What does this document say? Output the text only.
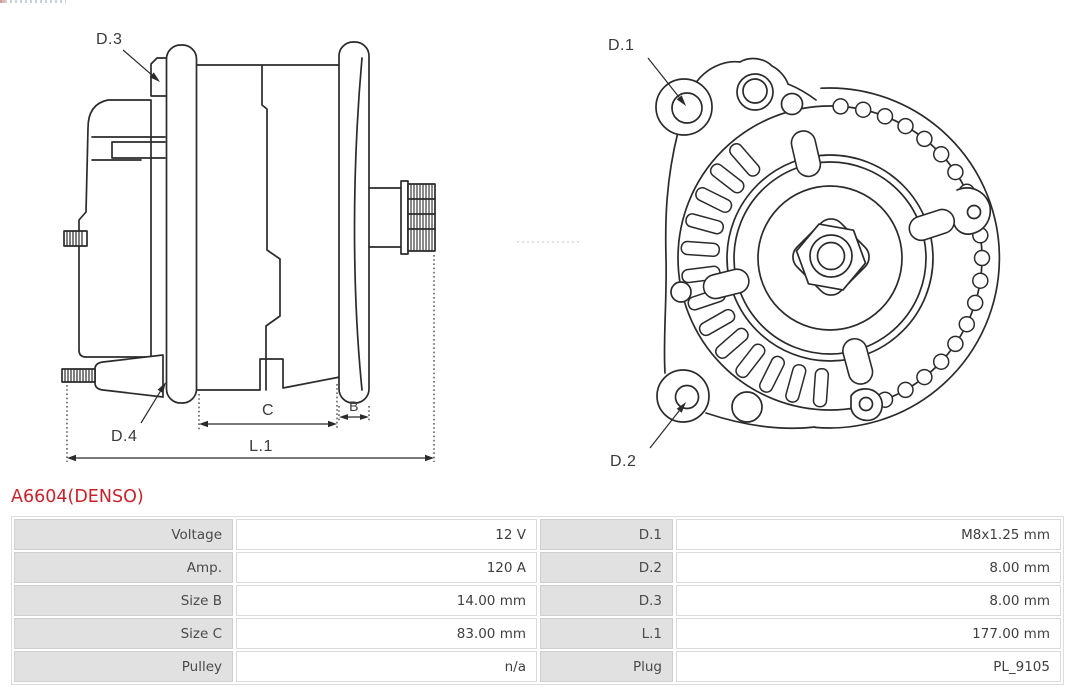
D.3
D.4
C	B
L.1
D.1
D.2
A6604(DENSO)
Voltage	12 V	D.1	M8x1.25 mm
Amp.	120 A	D.2	8.00 mm
Size B	14.00 mm	D.3	8.00 mm
Size C	83.00 mm	L.1	177.00 mm
Pulley	n/a	Plug	PL_9105
